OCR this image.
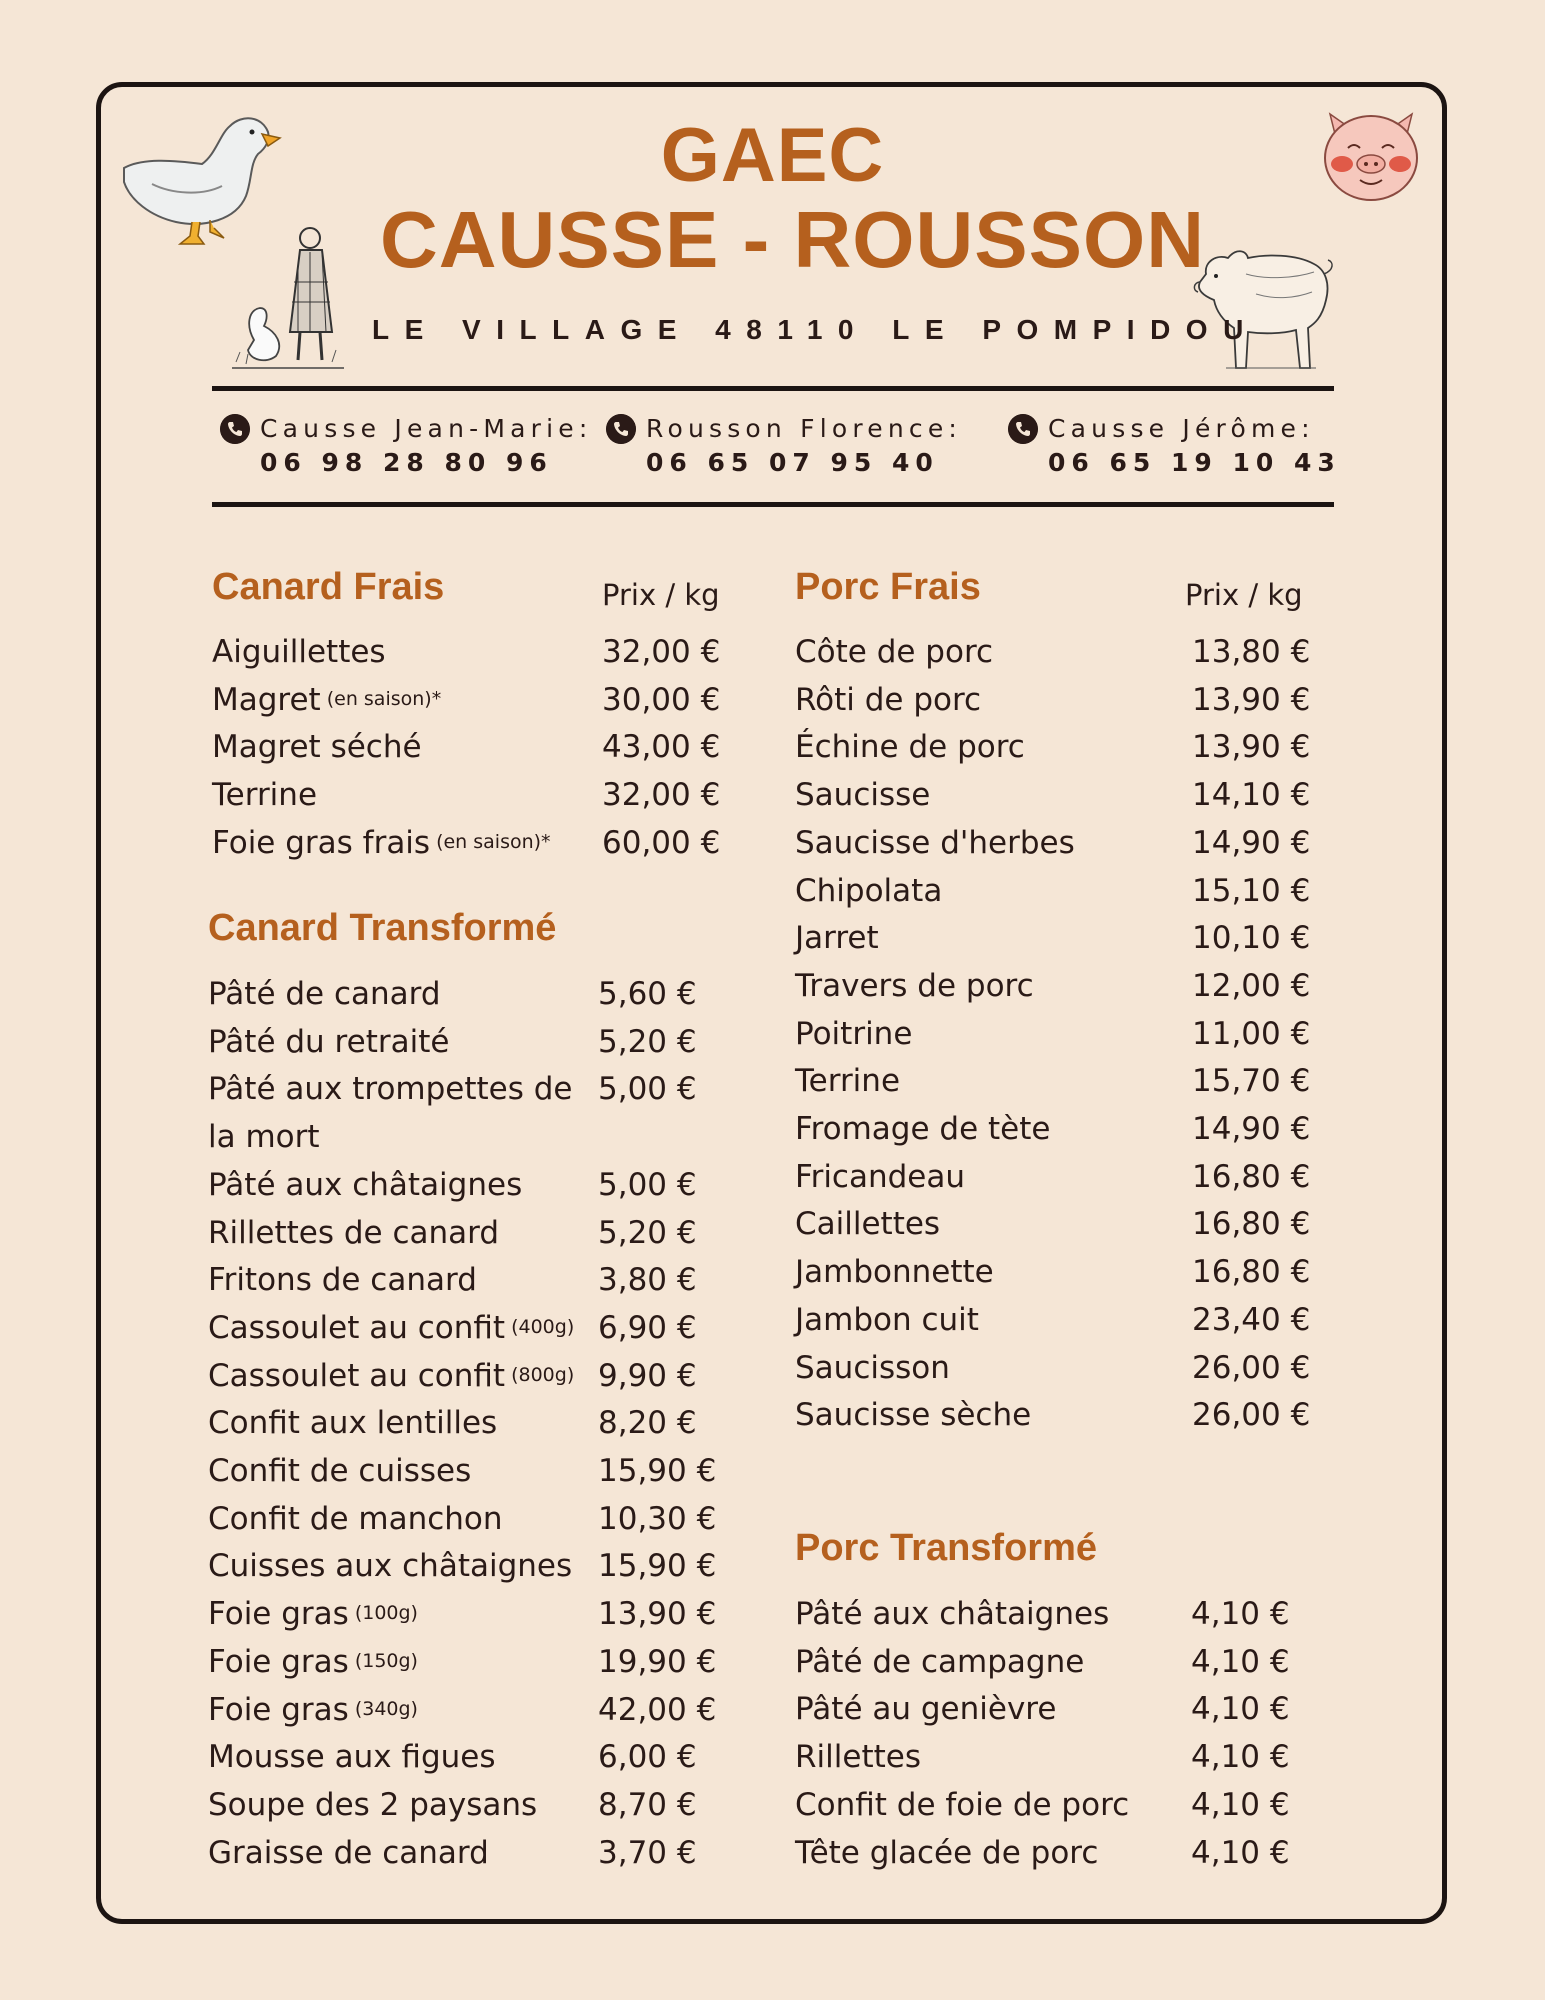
GAEC
CAUSSE - ROUSSON
LE VILLAGE 48110 LE POMPIDOU
Causse Jean-Marie:
06 98 28 80 96
Rousson Florence:
06 65 07 95 40
Causse Jérôme:
06 65 19 10 43
Canard Frais	Prix / kg
Canard Transformé
Porc Frais	Prix / kg
Porc Transformé
Aiguillettes	32,00 €
Magret (en saison)*	30,00 €
Magret séché	43,00 €
Terrine	32,00 €
Foie gras frais (en saison)* 60,00 €
Pâté de canard	5,60 €
Pâté du retraité	5,20 €
Pâté aux trompettes de 5,00 €
la mort
Pâté aux châtaignes 5,00 €
Rillettes de canard	5,20 €
Fritons de canard	3,80 €
Cassoulet au confit (400g) 6,90 €
Cassoulet au confit (800g) 9,90 €
Confit aux lentilles	8,20 €
Confit de cuisses	15,90 €
Confit de manchon	10,30 €
Cuisses aux châtaignes 15,90 €
Foie gras (100g)	13,90 €
Foie gras (150g)	19,90 €
Foie gras (340g)	42,00 €
Mousse aux figues	6,00 €
Soupe des 2 paysans 8,70 €
Graisse de canard	3,70 €
Côte de porc	13,80 €
Rôti de porc	13,90 €
Échine de porc	13,90 €
Saucisse	14,10 €
Saucisse d'herbes	14,90 €
Chipolata	15,10 €
Jarret	10,10 €
Travers de porc	12,00 €
Poitrine	11,00 €
Terrine	15,70 €
Fromage de tète	14,90 €
Fricandeau	16,80 €
Caillettes	16,80 €
Jambonnette	16,80 €
Jambon cuit	23,40 €
Saucisson	26,00 €
Saucisse sèche	26,00 €
Pâté aux châtaignes	4,10 €
Pâté de campagne	4,10 €
Pâté au genièvre	4,10 €
Rillettes	4,10 €
Confit de foie de porc 4,10 €
Tête glacée de porc	4,10 €
